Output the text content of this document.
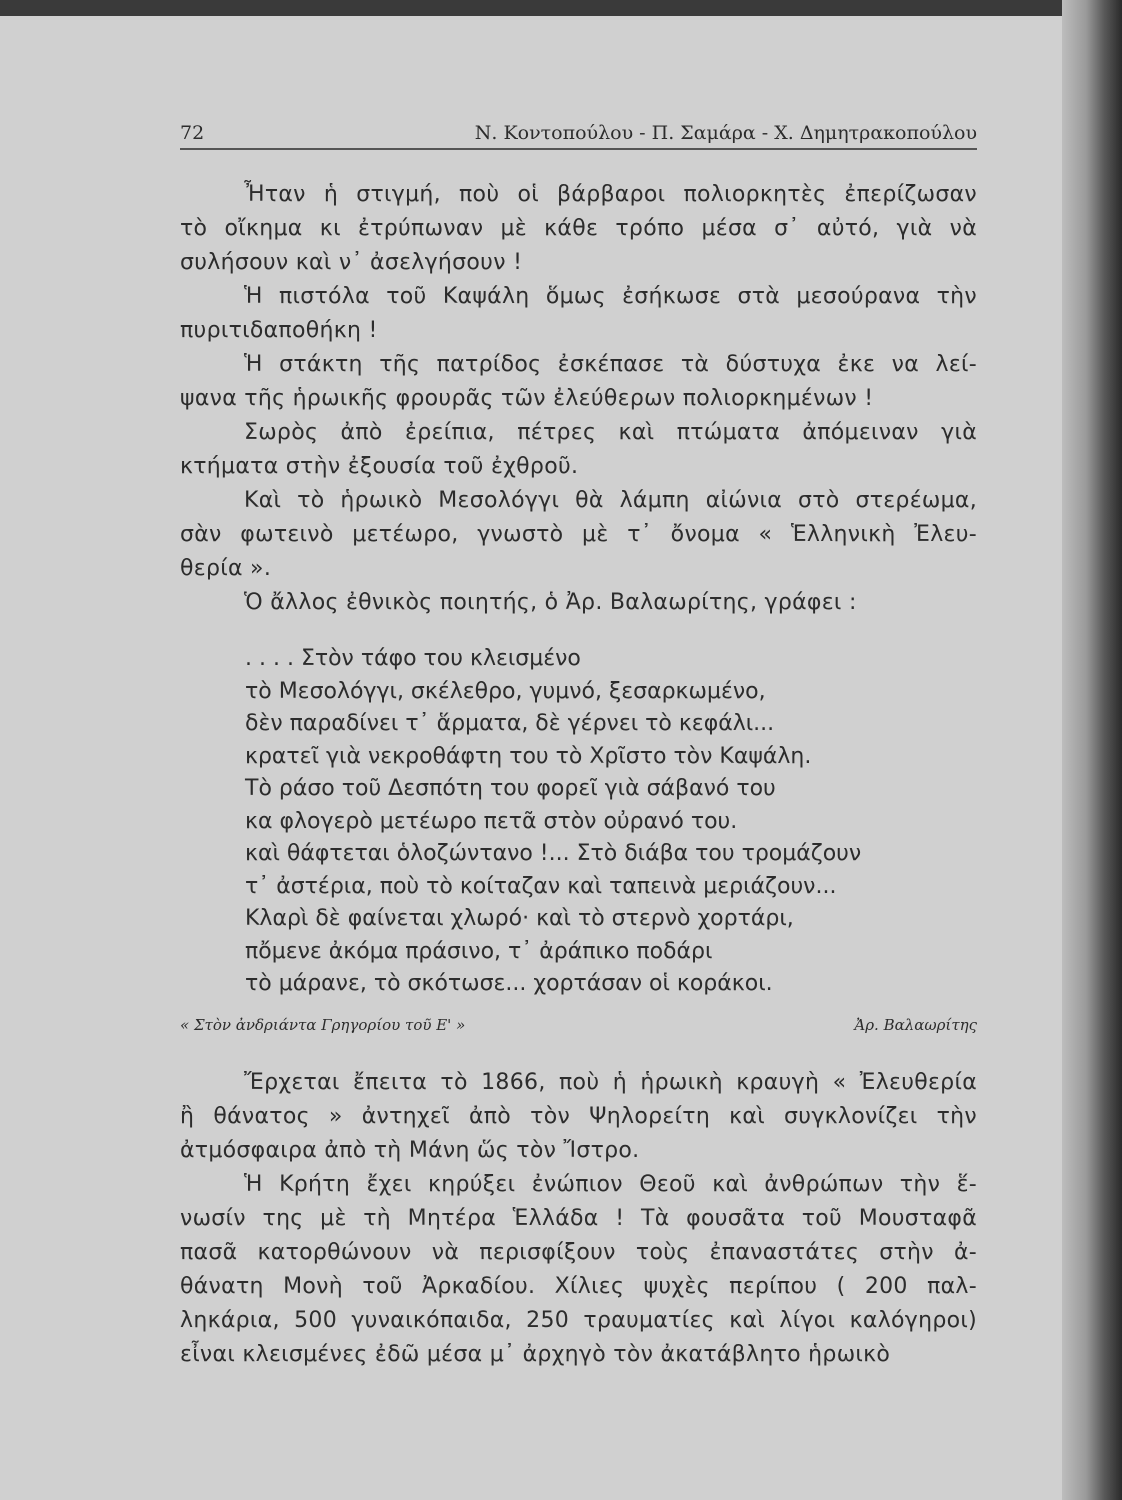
72	Ν. Κοντοπούλου - Π. Σαμάρα - Χ. Δημητρακοπούλου
Ἦταν ἡ στιγμή, ποὺ οἱ βάρβαροι πολιορκητὲς ἐπερίζωσαν
τὸ οἴκημα κι ἐτρύπωναν μὲ κάθε τρόπο μέσα σ᾿ αὐτό, γιὰ νὰ
συλήσουν καὶ ν᾿ ἀσελγήσουν !
Ἡ πιστόλα τοῦ Καψάλη ὅμως ἐσήκωσε στὰ μεσούρανα τὴν
πυριτιδαποθήκη !
Ἡ στάκτη τῆς πατρίδος ἐσκέπασε τὰ δύστυχα ἐκε να λεί-
ψανα τῆς ἡρωικῆς φρουρᾶς τῶν ἐλεύθερων πολιορκημένων !
Σωρὸς ἀπὸ ἐρείπια, πέτρες καὶ πτώματα ἀπόμειναν γιὰ
κτήματα στὴν ἐξουσία τοῦ ἐχθροῦ.
Καὶ τὸ ἡρωικὸ Μεσολόγγι θὰ λάμπη αἰώνια στὸ στερέωμα,
σὰν φωτεινὸ μετέωρο, γνωστὸ μὲ τ᾿ ὄνομα « Ἑλληνικὴ Ἐλευ-
θερία ».
Ὁ ἄλλος ἐθνικὸς ποιητής, ὁ Ἀρ. Βαλαωρίτης, γράφει :
. . . . Στὸν τάφο του κλεισμένο
τὸ Μεσολόγγι, σκέλεθρο, γυμνό, ξεσαρκωμένο,
δὲν παραδίνει τ᾿ ἅρματα, δὲ γέρνει τὸ κεφάλι...
κρατεῖ γιὰ νεκροθάφτη του τὸ Χρῖστο τὸν Καψάλη.
Τὸ ράσο τοῦ Δεσπότη του φορεῖ γιὰ σάβανό του
κα φλογερὸ μετέωρο πετᾶ στὸν οὐρανό του.
καὶ θάφτεται ὁλοζώντανο !... Στὸ διάβα του τρομάζουν
τ᾿ ἀστέρια, ποὺ τὸ κοίταζαν καὶ ταπεινὰ μεριάζουν...
Κλαρὶ δὲ φαίνεται χλωρό· καὶ τὸ στερνὸ χορτάρι,
πὄμενε ἀκόμα πράσινο, τ᾿ ἀράπικο ποδάρι
τὸ μάρανε, τὸ σκότωσε... χορτάσαν οἱ κοράκοι.
« Στὸν ἀνδριάντα Γρηγορίου τοῦ Ε' »	Ἀρ. Βαλαωρίτης
Ἔρχεται ἔπειτα τὸ 1866, ποὺ ἡ ἡρωικὴ κραυγὴ « Ἐλευθερία
ἢ θάνατος » ἀντηχεῖ ἀπὸ τὸν Ψηλορείτη καὶ συγκλονίζει τὴν
ἀτμόσφαιρα ἀπὸ τὴ Μάνη ὥς τὸν Ἴστρο.
Ἡ Κρήτη ἔχει κηρύξει ἐνώπιον Θεοῦ καὶ ἀνθρώπων τὴν ἕ-
νωσίν της μὲ τὴ Μητέρα Ἑλλάδα ! Τὰ φουσᾶτα τοῦ Μουσταφᾶ
πασᾶ κατορθώνουν νὰ περισφίξουν τοὺς ἐπαναστάτες στὴν ἀ-
θάνατη Μονὴ τοῦ Ἀρκαδίου. Χίλιες ψυχὲς περίπου ( 200 παλ-
ληκάρια, 500 γυναικόπαιδα, 250 τραυματίες καὶ λίγοι καλόγηροι)
εἶναι κλεισμένες ἐδῶ μέσα μ᾿ ἀρχηγὸ τὸν ἀκατάβλητο ἡρωικὸ
